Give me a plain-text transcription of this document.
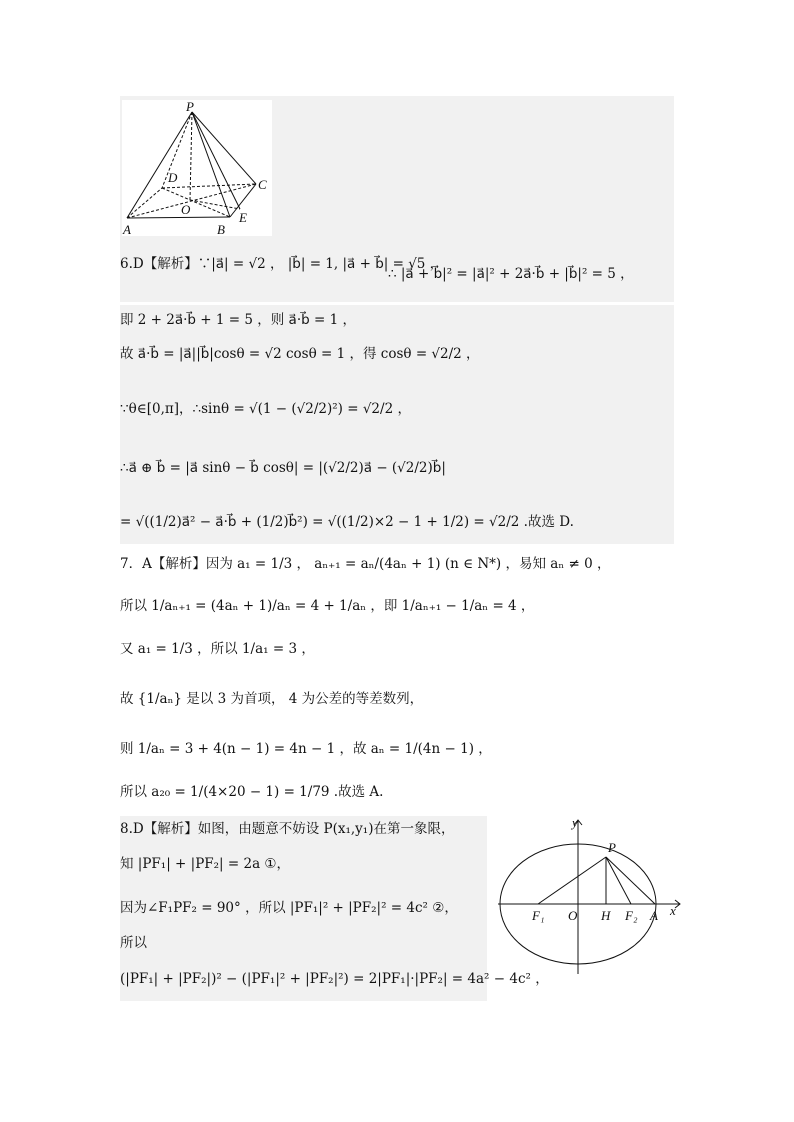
P
D	C
O
E
A	B
6.D【解析】∵|a⃗| = √2 ， |b⃗| = 1, |a⃗ + b⃗| = √5 ，
∴ |a⃗ + b⃗|² = |a⃗|² + 2a⃗·b⃗ + |b⃗|² = 5 ，
即 2 + 2a⃗·b⃗ + 1 = 5 ，则 a⃗·b⃗ = 1 ，
故 a⃗·b⃗ = |a⃗||b⃗|cosθ = √2 cosθ = 1 ，得 cosθ = √2/2 ，
∵θ∈[0,π]，∴sinθ = √(1 − (√2/2)²) = √2/2 ，
∴a⃗ ⊕ b⃗ = |a⃗ sinθ − b⃗ cosθ| = |(√2/2)a⃗ − (√2/2)b⃗|
= √((1/2)a⃗² − a⃗·b⃗ + (1/2)b⃗²) = √((1/2)×2 − 1 + 1/2) = √2/2 .故选 D.
7．A【解析】因为 a₁ = 1/3 ， aₙ₊₁ = aₙ/(4aₙ + 1) (n ∈ N*) ，易知 aₙ ≠ 0 ，
所以 1/aₙ₊₁ = (4aₙ + 1)/aₙ = 4 + 1/aₙ ，即 1/aₙ₊₁ − 1/aₙ = 4 ，
又 a₁ = 1/3 ，所以 1/a₁ = 3 ，
故 {1/aₙ} 是以 3 为首项， 4 为公差的等差数列，
则 1/aₙ = 3 + 4(n − 1) = 4n − 1 ，故 aₙ = 1/(4n − 1) ，
所以 a₂₀ = 1/(4×20 − 1) = 1/79 .故选 A.
8.D【解析】如图，由题意不妨设 P(x₁,y₁)在第一象限，
知 |PF₁| + |PF₂| = 2a ①，
因为∠F₁PF₂ = 90° ，所以 |PF₁|² + |PF₂|² = 4c² ②，
所以
(|PF₁| + |PF₂|)² − (|PF₁|² + |PF₂|²) = 2|PF₁|·|PF₂| = 4a² − 4c² ，
y
x
P
F₁ O H F₂ A
